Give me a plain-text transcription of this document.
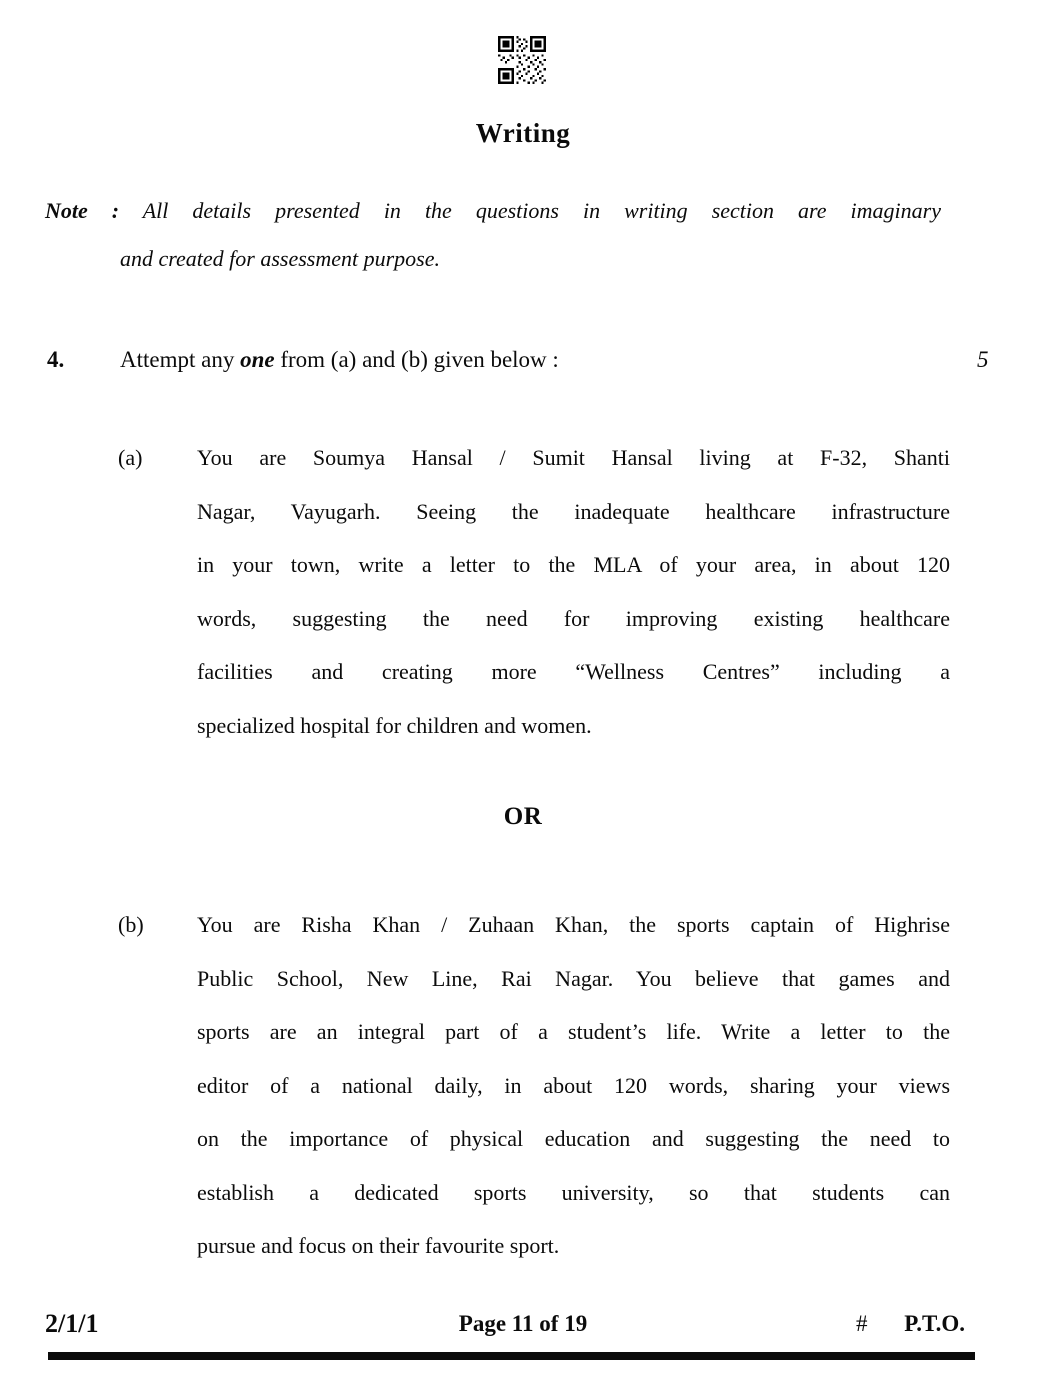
Writing
Note : All details presented in the questions in writing section are imaginary
and created for assessment purpose.
4. Attempt any one from (a) and (b) given below :	5
(a) You are Soumya Hansal / Sumit Hansal living at F-32, Shanti
Nagar, Vayugarh. Seeing the inadequate healthcare infrastructure
in your town, write a letter to the MLA of your area, in about 120
words, suggesting the need for improving existing healthcare
facilities and creating more “Wellness Centres” including a
specialized hospital for children and women.
OR
(b) You are Risha Khan / Zuhaan Khan, the sports captain of Highrise
Public School, New Line, Rai Nagar. You believe that games and
sports are an integral part of a student’s life. Write a letter to the
editor of a national daily, in about 120 words, sharing your views
on the importance of physical education and suggesting the need to
establish a dedicated sports university, so that students can
pursue and focus on their favourite sport.
Page 11 of 19
2/1/1	# P.T.O.
